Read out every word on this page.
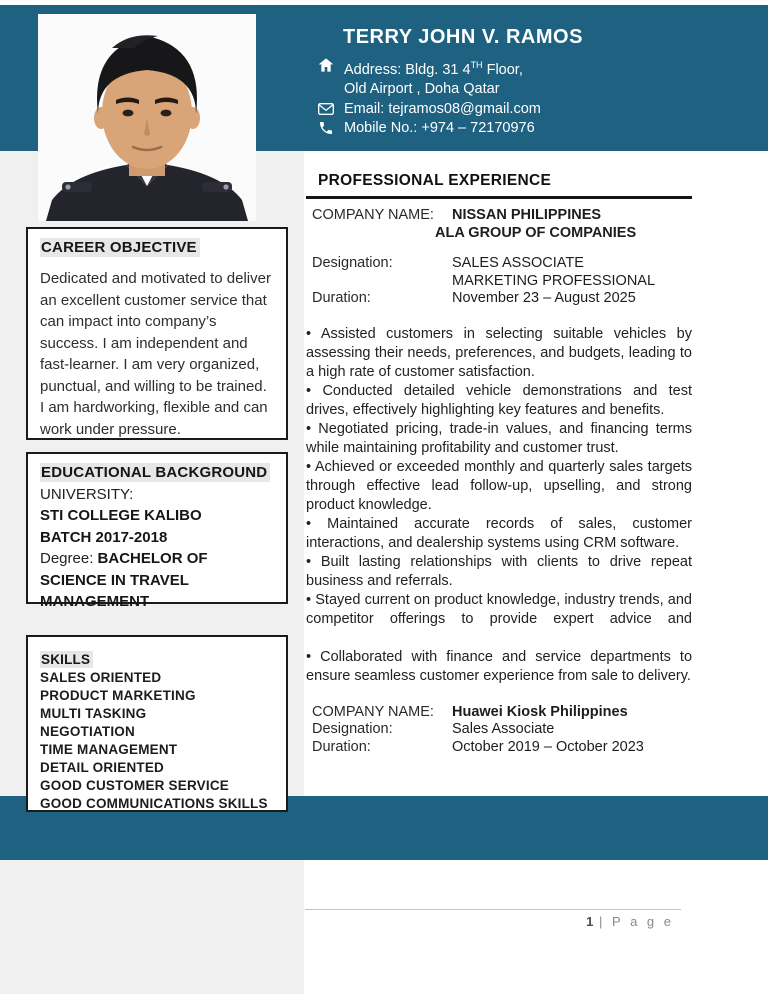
TERRY JOHN V. RAMOS
Address: Bldg. 31 4TH Floor,
Old Airport , Doha Qatar
Email: tejramos08@gmail.com
Mobile No.: +974 – 72170976
CAREER OBJECTIVE

Dedicated and motivated to deliver an excellent customer service that can impact into company’s success. I am independent and fast-learner. I am very organized, punctual, and willing to be trained. I am hardworking, flexible and can work under pressure.

EDUCATIONAL BACKGROUND
UNIVERSITY:
STI COLLEGE KALIBO
BATCH 2017-2018
Degree: BACHELOR OF SCIENCE IN TRAVEL MANAGEMENT
SKILLS
SALES ORIENTED
PRODUCT MARKETING
MULTI TASKING
NEGOTIATION
TIME MANAGEMENT
DETAIL ORIENTED
GOOD CUSTOMER SERVICE
GOOD COMMUNICATIONS SKILLS
PROFESSIONAL EXPERIENCE
COMPANY NAME:	NISSAN PHILIPPINES
ALA GROUP OF COMPANIES
Designation:	SALES ASSOCIATE
MARKETING PROFESSIONAL
Duration:	November 23 – August 2025

• Assisted customers in selecting suitable vehicles by assessing their needs, preferences, and budgets, leading to a high rate of customer satisfaction.

• Conducted detailed vehicle demonstrations and test drives, effectively highlighting key features and benefits.

• Negotiated pricing, trade-in values, and financing terms while maintaining profitability and customer trust.

• Achieved or exceeded monthly and quarterly sales targets through effective lead follow-up, upselling, and strong product knowledge.

• Maintained accurate records of sales, customer interactions, and dealership systems using CRM software.

• Built lasting relationships with clients to drive repeat business and referrals.

• Stayed current on product knowledge, industry trends, and competitor offerings to provide expert advice and

• Collaborated with finance and service departments to ensure seamless customer experience from sale to delivery.

COMPANY NAME:	Huawei Kiosk Philippines
Designation:	Sales Associate
Duration:	October 2019 – October 2023
1 | P a g e
